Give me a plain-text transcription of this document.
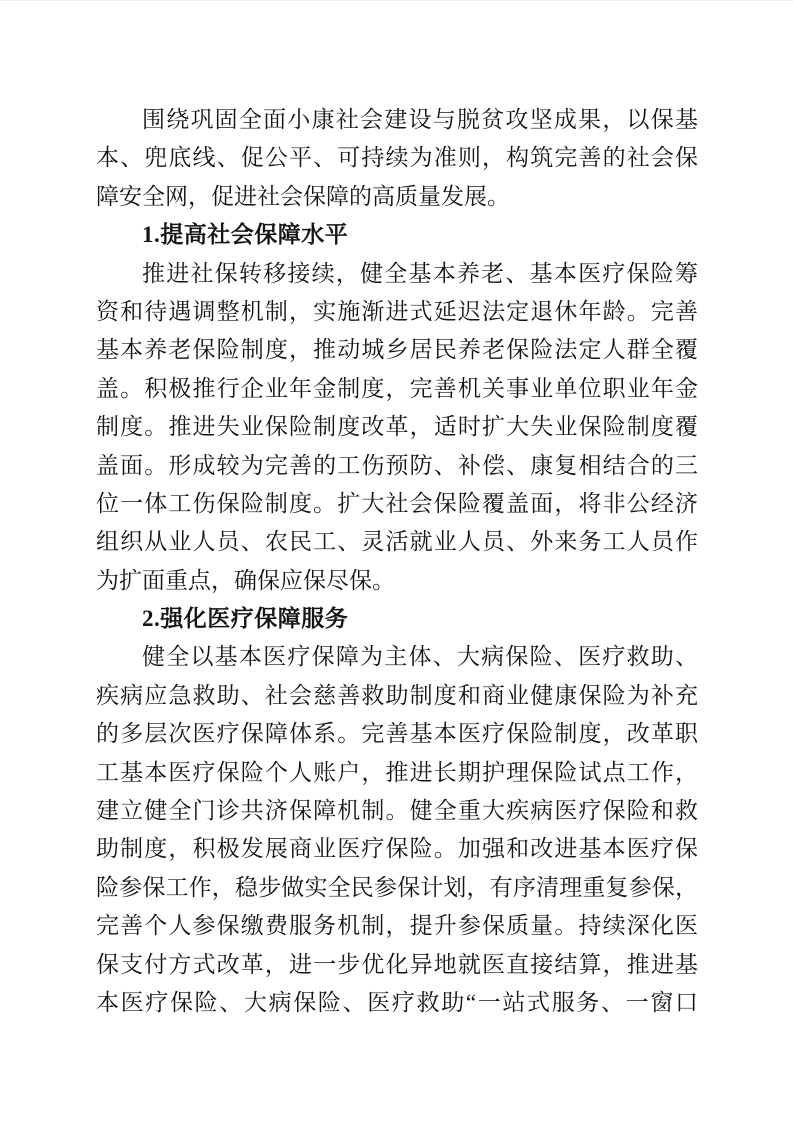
围绕巩固全面小康社会建设与脱贫攻坚成果，以保基
本、兜底线、促公平、可持续为准则，构筑完善的社会保
障安全网，促进社会保障的高质量发展。
1.提高社会保障水平
推进社保转移接续，健全基本养老、基本医疗保险筹
资和待遇调整机制，实施渐进式延迟法定退休年龄。完善
基本养老保险制度，推动城乡居民养老保险法定人群全覆
盖。积极推行企业年金制度，完善机关事业单位职业年金
制度。推进失业保险制度改革，适时扩大失业保险制度覆
盖面。形成较为完善的工伤预防、补偿、康复相结合的三
位一体工伤保险制度。扩大社会保险覆盖面，将非公经济
组织从业人员、农民工、灵活就业人员、外来务工人员作
为扩面重点，确保应保尽保。
2.强化医疗保障服务
健全以基本医疗保障为主体、大病保险、医疗救助、
疾病应急救助、社会慈善救助制度和商业健康保险为补充
的多层次医疗保障体系。完善基本医疗保险制度，改革职
工基本医疗保险个人账户，推进长期护理保险试点工作，
建立健全门诊共济保障机制。健全重大疾病医疗保险和救
助制度，积极发展商业医疗保险。加强和改进基本医疗保
险参保工作，稳步做实全民参保计划，有序清理重复参保，
完善个人参保缴费服务机制，提升参保质量。持续深化医
保支付方式改革，进一步优化异地就医直接结算，推进基
本医疗保险、大病保险、医疗救助“一站式服务、一窗口
